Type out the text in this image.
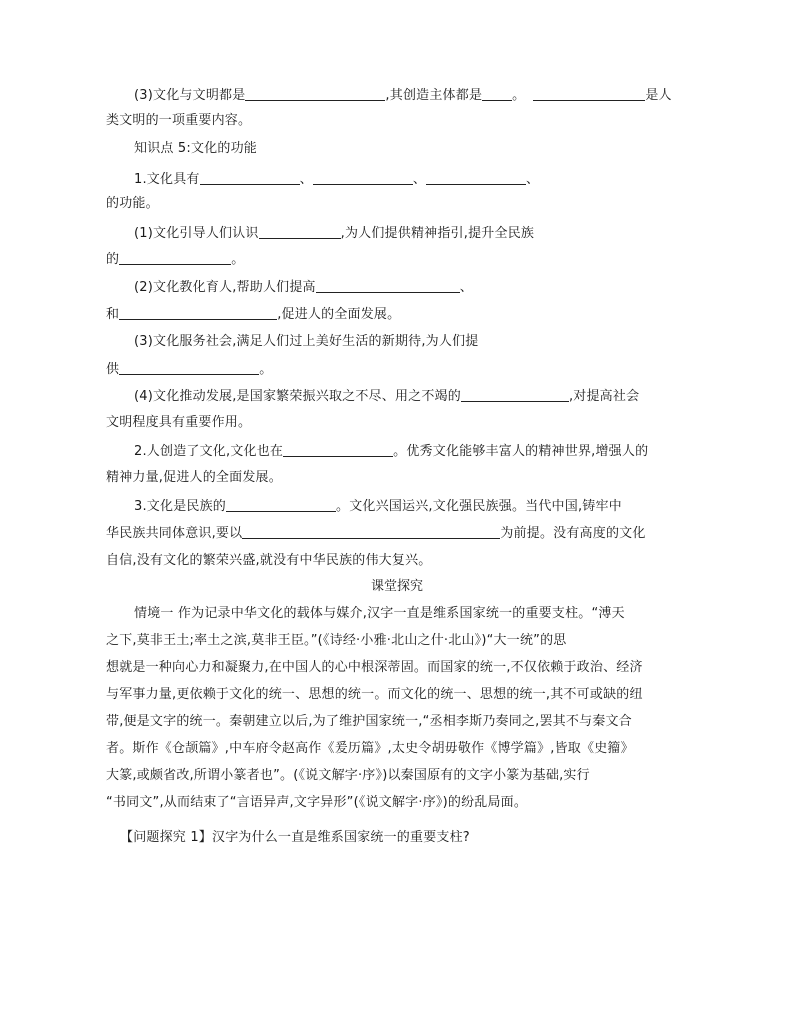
(3)文化与文明都是	,其创造主体都是 。	是人
类文明的一项重要内容。
知识点 5:文化的功能
1.文化具有	、	、	、
的功能。
(1)文化引导人们认识	,为人们提供精神指引,提升全民族
的	。
(2)文化教化育人,帮助人们提高	、
和	,促进人的全面发展。
(3)文化服务社会,满足人们过上美好生活的新期待,为人们提
供	。
(4)文化推动发展,是国家繁荣振兴取之不尽、用之不竭的	,对提高社会
文明程度具有重要作用。
2.人创造了文化,文化也在	。优秀文化能够丰富人的精神世界,增强人的
精神力量,促进人的全面发展。
3.文化是民族的	。文化兴国运兴,文化强民族强。当代中国,铸牢中
华民族共同体意识,要以	为前提。没有高度的文化
自信,没有文化的繁荣兴盛,就没有中华民族的伟大复兴。
课堂探究
情境一 作为记录中华文化的载体与媒介,汉字一直是维系国家统一的重要支柱。“溥天
之下,莫非王土;率土之滨,莫非王臣。”(《诗经·小雅·北山之什·北山》)“大一统”的思
想就是一种向心力和凝聚力,在中国人的心中根深蒂固。而国家的统一,不仅依赖于政治、经济
与军事力量,更依赖于文化的统一、思想的统一。而文化的统一、思想的统一,其不可或缺的纽
带,便是文字的统一。秦朝建立以后,为了维护国家统一,“丞相李斯乃奏同之,罢其不与秦文合
者。斯作《仓颉篇》,中车府令赵高作《爰历篇》,太史令胡毋敬作《博学篇》,皆取《史籀》
大篆,或颇省改,所谓小篆者也”。(《说文解字·序》)以秦国原有的文字小篆为基础,实行
“书同文”,从而结束了“言语异声,文字异形”(《说文解字·序》)的纷乱局面。
【问题探究 1】汉字为什么一直是维系国家统一的重要支柱?
